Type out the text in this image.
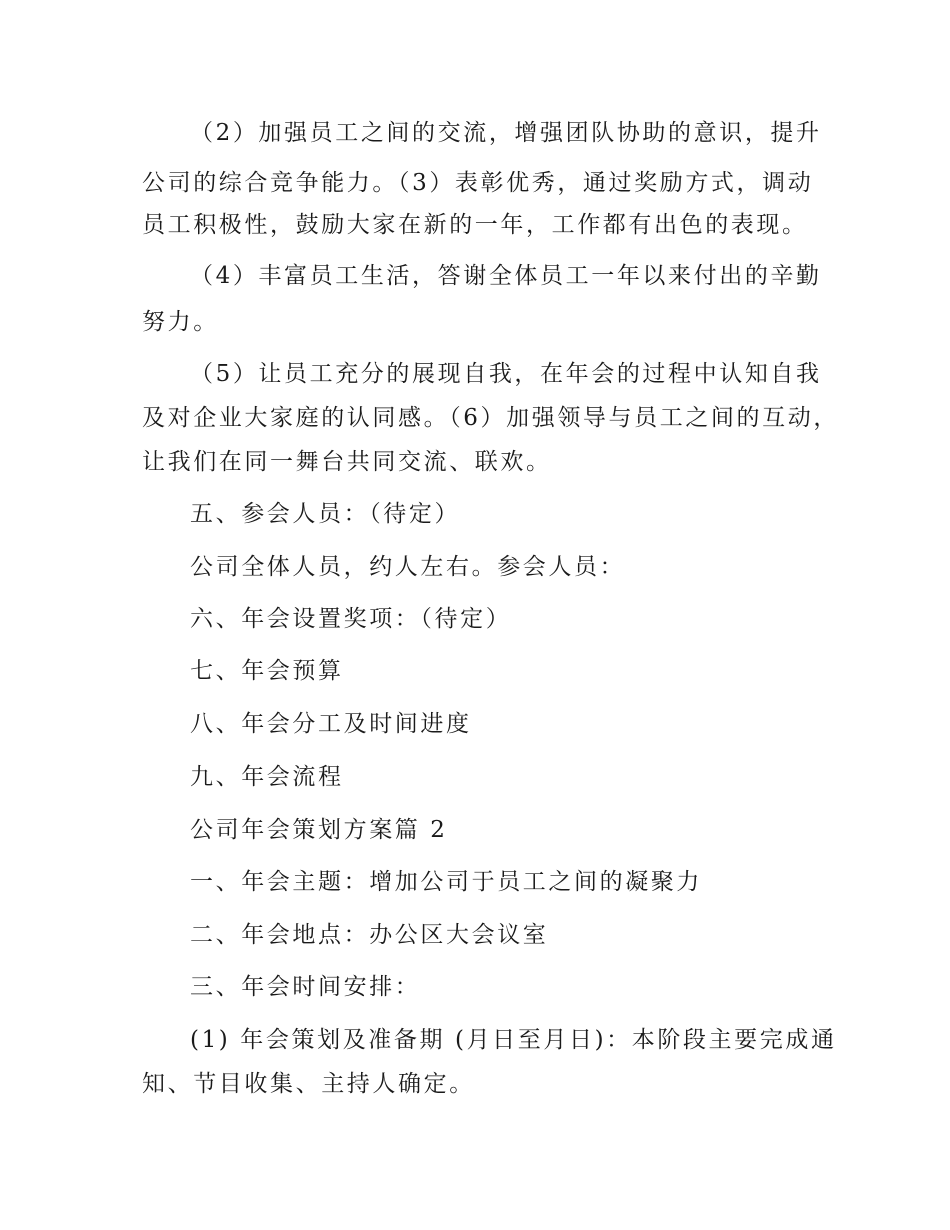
（2）加强员工之间的交流，增强团队协助的意识，提升
公司的综合竞争能力。（3）表彰优秀，通过奖励方式，调动
员工积极性，鼓励大家在新的一年，工作都有出色的表现。
（4）丰富员工生活，答谢全体员工一年以来付出的辛勤
努力。
（5）让员工充分的展现自我，在年会的过程中认知自我
及对企业大家庭的认同感。（6）加强领导与员工之间的互动，
让我们在同一舞台共同交流、联欢。
五、参会人员：（待定）
公司全体人员，约人左右。参会人员：
六、年会设置奖项：（待定）
七、年会预算
八、年会分工及时间进度
九、年会流程
公司年会策划方案篇 2
一、年会主题：增加公司于员工之间的凝聚力
二、年会地点：办公区大会议室
三、年会时间安排：
(1) 年会策划及准备期 (月日至月日)：本阶段主要完成通
知、节目收集、主持人确定。
